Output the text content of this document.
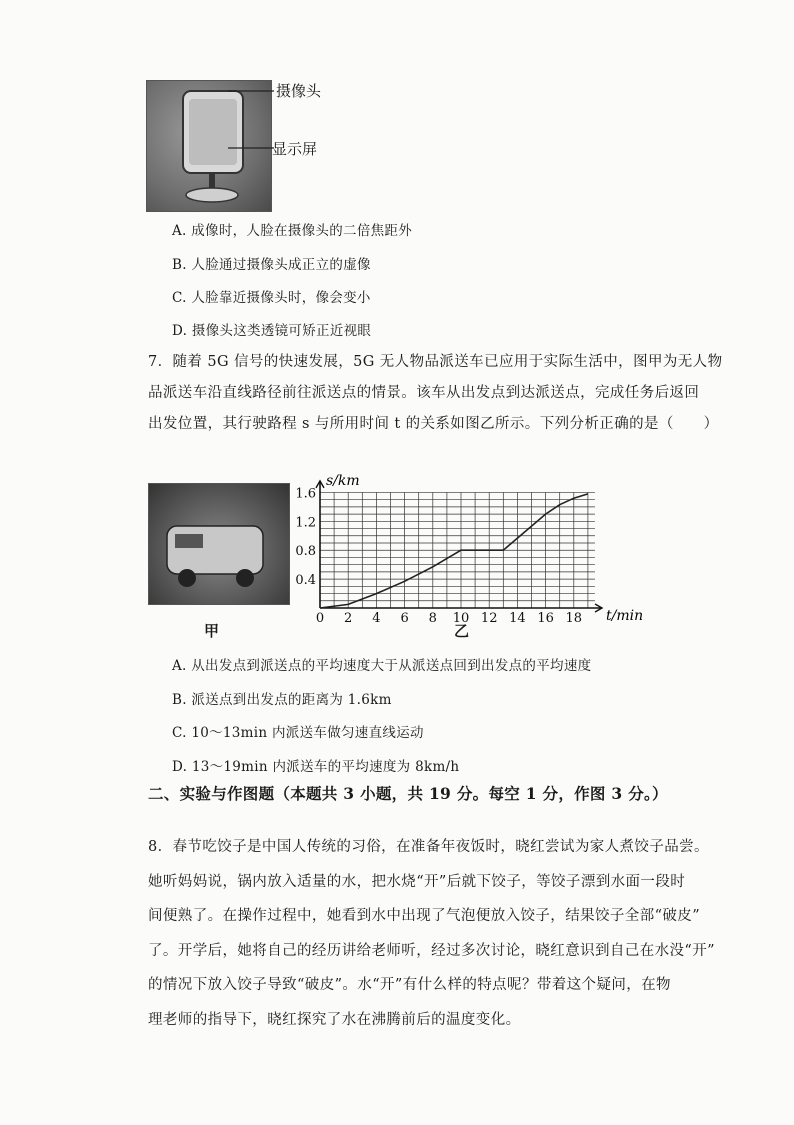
摄像头
显示屏
A. 成像时，人脸在摄像头的二倍焦距外
B. 人脸通过摄像头成正立的虚像
C. 人脸靠近摄像头时，像会变小
D. 摄像头这类透镜可矫正近视眼
7．随着 5G 信号的快速发展，5G 无人物品派送车已应用于实际生活中，图甲为无人物
品派送车沿直线路径前往派送点的情景。该车从出发点到达派送点，完成任务后返回
出发位置，其行驶路程 s 与所用时间 t 的关系如图乙所示。下列分析正确的是（　　）
甲
0 2 4 6 8 10 12 14 16 18
0.4
0.8
1.2
1.6
s/km
t/min
乙
A. 从出发点到派送点的平均速度大于从派送点回到出发点的平均速度
B. 派送点到出发点的距离为 1.6km
C. 10～13min 内派送车做匀速直线运动
D. 13～19min 内派送车的平均速度为 8km/h
二、实验与作图题（本题共 3 小题，共 19 分。每空 1 分，作图 3 分。）
8．春节吃饺子是中国人传统的习俗，在准备年夜饭时，晓红尝试为家人煮饺子品尝。
她听妈妈说，锅内放入适量的水，把水烧“开”后就下饺子，等饺子漂到水面一段时
间便熟了。在操作过程中，她看到水中出现了气泡便放入饺子，结果饺子全部“破皮”
了。开学后，她将自己的经历讲给老师听，经过多次讨论，晓红意识到自己在水没“开”
的情况下放入饺子导致“破皮”。水“开”有什么样的特点呢？带着这个疑问，在物
理老师的指导下，晓红探究了水在沸腾前后的温度变化。
